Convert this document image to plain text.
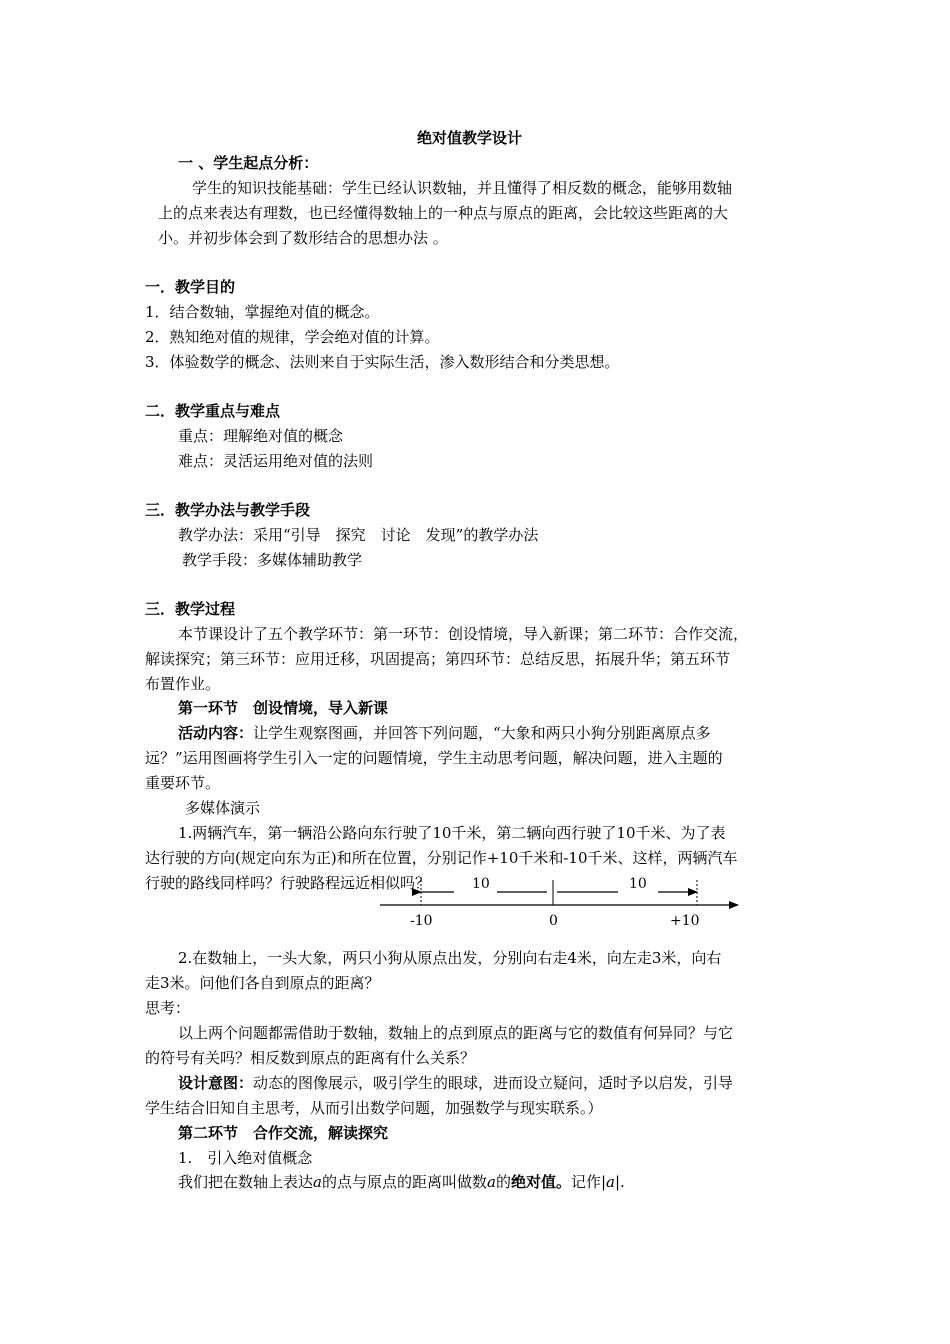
绝对值教学设计
一 、学生起点分析：
学生的知识技能基础：学生已经认识数轴，并且懂得了相反数的概念，能够用数轴
上的点来表达有理数，也已经懂得数轴上的一种点与原点的距离，会比较这些距离的大
小。并初步体会到了数形结合的思想办法 。
一．教学目的
1．结合数轴，掌握绝对值的概念。
2．熟知绝对值的规律，学会绝对值的计算。
3．体验数学的概念、法则来自于实际生活，渗入数形结合和分类思想。
二．教学重点与难点
重点：理解绝对值的概念
难点：灵活运用绝对值的法则
三．教学办法与教学手段
教学办法：采用“引导　探究　讨论　发现”的教学办法
教学手段：多媒体辅助教学
三．教学过程
本节课设计了五个教学环节：第一环节：创设情境，导入新课；第二环节：合作交流，
解读探究；第三环节：应用迁移，巩固提高；第四环节：总结反思，拓展升华；第五环节
布置作业。
第一环节　创设情境，导入新课
活动内容：让学生观察图画，并回答下列问题，“大象和两只小狗分别距离原点多
远？”运用图画将学生引入一定的问题情境，学生主动思考问题，解决问题，进入主题的
重要环节。
多媒体演示
1.两辆汽车，第一辆沿公路向东行驶了10千米，第二辆向西行驶了10千米、为了表
达行驶的方向(规定向东为正)和所在位置，分别记作+10千米和-10千米、这样，两辆汽车
行驶的路线同样吗？行驶路程远近相似吗？	10	10
-10	0	+10
2.在数轴上，一头大象，两只小狗从原点出发，分别向右走4米，向左走3米，向右
走3米。问他们各自到原点的距离？
思考：
以上两个问题都需借助于数轴，数轴上的点到原点的距离与它的数值有何异同？与它
的符号有关吗？相反数到原点的距离有什么关系？
设计意图：动态的图像展示，吸引学生的眼球，进而设立疑问，适时予以启发，引导
学生结合旧知自主思考，从而引出数学问题，加强数学与现实联系。）
第二环节　合作交流，解读探究
1.　引入绝对值概念
我们把在数轴上表达a的点与原点的距离叫做数a的绝对值。记作|a|.
